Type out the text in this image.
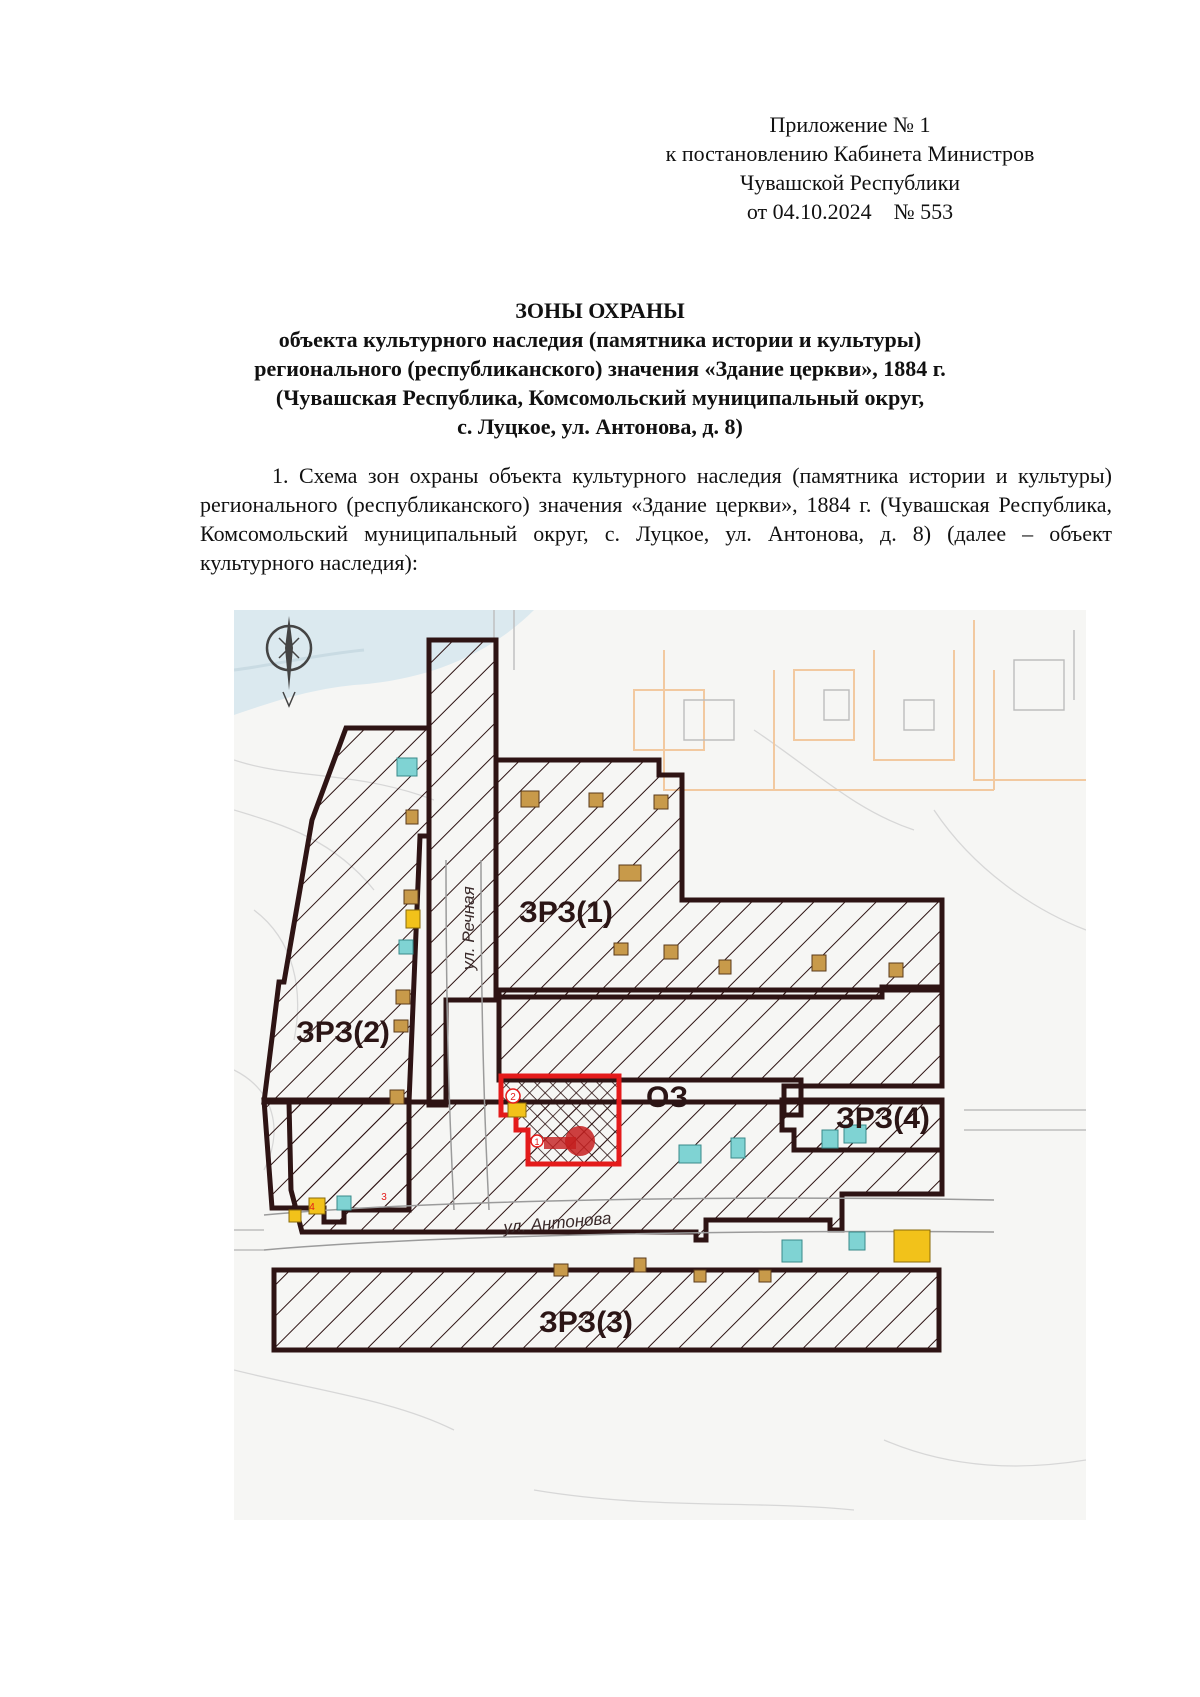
Приложение № 1
к постановлению Кабинета Министров
Чувашской Республики
от 04.10.2024    № 553
ЗОНЫ ОХРАНЫ
объекта культурного наследия (памятника истории и культуры)
регионального (республиканского) значения «Здание церкви», 1884 г.
(Чувашская Республика, Комсомольский муниципальный округ,
с. Луцкое, ул. Антонова, д. 8)
1. Схема зон охраны объекта культурного наследия (памятника истории и культуры) регионального (республиканского) значения «Здание церкви», 1884 г. (Чувашская Республика, Комсомольский муниципальный округ, с. Луцкое, ул. Антонова, д. 8) (далее – объект культурного наследия):
2
1
3
4
ЗРЗ(1)
ЗРЗ(2)
ЗРЗ(3)
ЗРЗ(4)
ОЗ
ул. Речная
ул. Антонова
